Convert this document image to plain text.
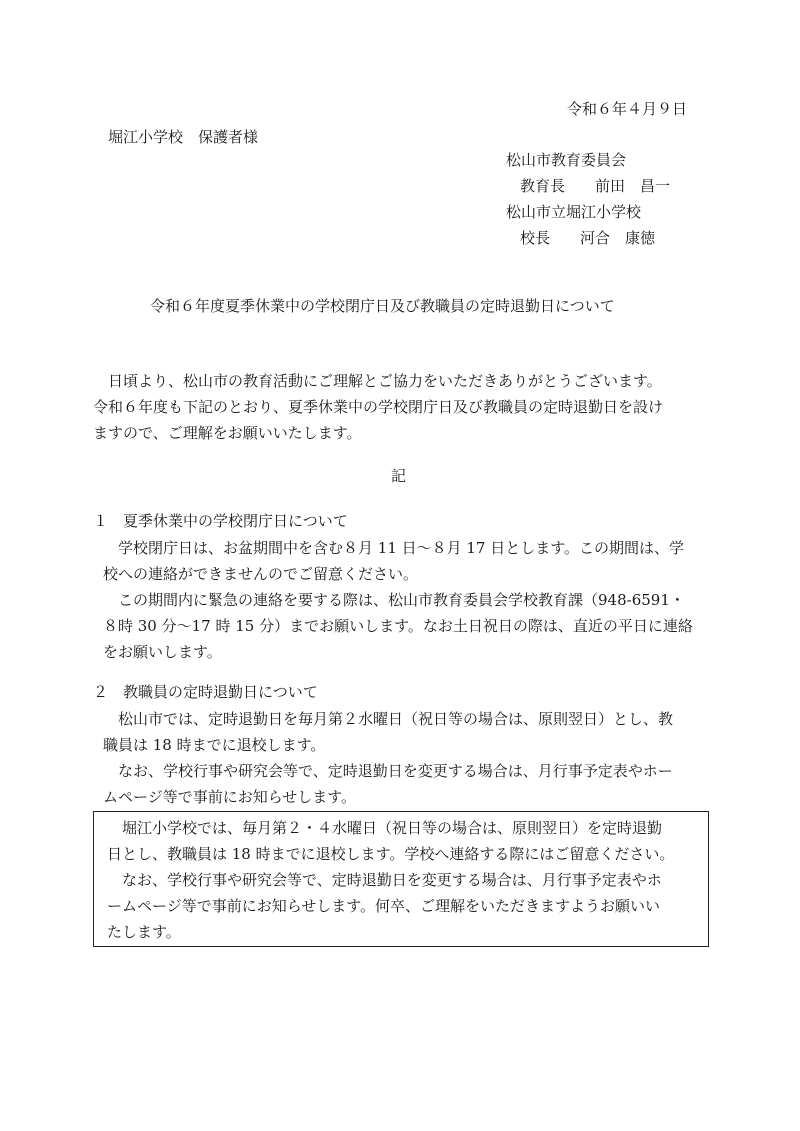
令和６年４月９日
堀江小学校　保護者様
松山市教育委員会
教育長　　前田　昌一
松山市立堀江小学校
校長　　河合　康徳
令和６年度夏季休業中の学校閉庁日及び教職員の定時退勤日について
日頃より、松山市の教育活動にご理解とご協力をいただきありがとうございます。
令和６年度も下記のとおり、夏季休業中の学校閉庁日及び教職員の定時退勤日を設け
ますので、ご理解をお願いいたします。
記
１　夏季休業中の学校閉庁日について
学校閉庁日は、お盆期間中を含む８月 11 日～８月 17 日とします。この期間は、学
校への連絡ができませんのでご留意ください。
この期間内に緊急の連絡を要する際は、松山市教育委員会学校教育課（948-6591・
８時 30 分～17 時 15 分）までお願いします。なお土日祝日の際は、直近の平日に連絡
をお願いします。
２　教職員の定時退勤日について
松山市では、定時退勤日を毎月第２水曜日（祝日等の場合は、原則翌日）とし、教
職員は 18 時までに退校します。
なお、学校行事や研究会等で、定時退勤日を変更する場合は、月行事予定表やホー
ムページ等で事前にお知らせします。
堀江小学校では、毎月第２・４水曜日（祝日等の場合は、原則翌日）を定時退勤
日とし、教職員は 18 時までに退校します。学校へ連絡する際にはご留意ください。
なお、学校行事や研究会等で、定時退勤日を変更する場合は、月行事予定表やホ
ームページ等で事前にお知らせします。何卒、ご理解をいただきますようお願いい
たします。
